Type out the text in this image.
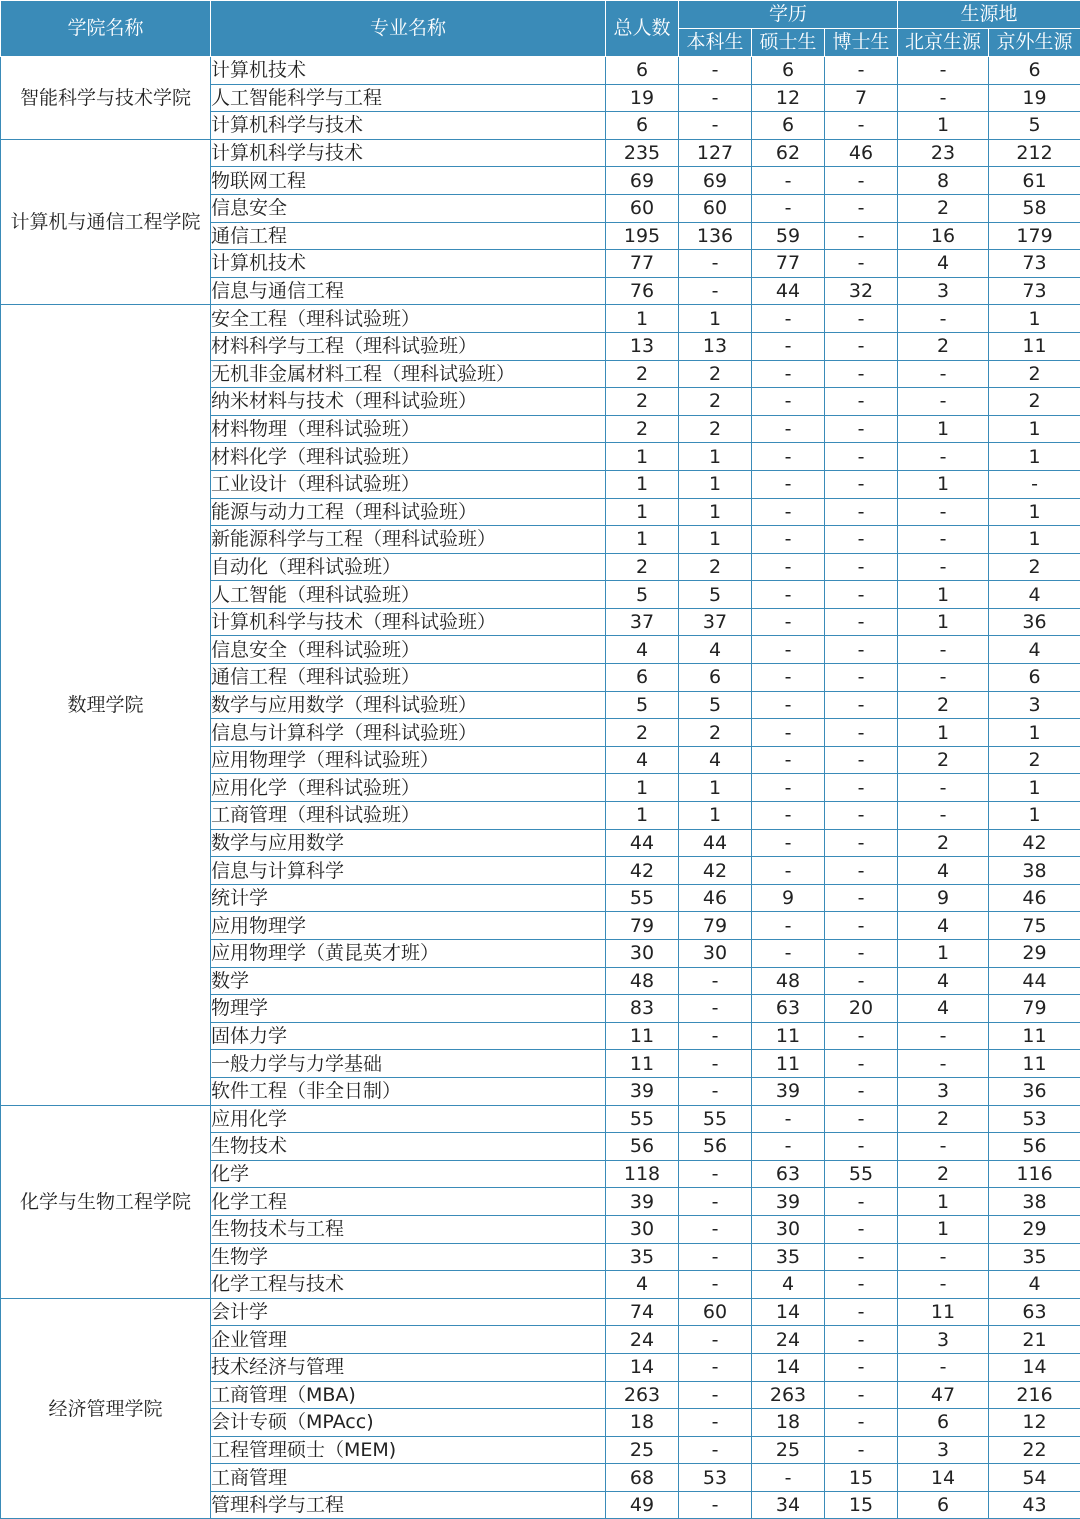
学院名称	专业名称	总人数	学历			生源地	
			本科生	硕士生	博士生	北京生源	京外生源
智能科学与技术学院	计算机技术	6	-	6	-	-	6
	人工智能科学与工程	19	-	12	7	-	19
	计算机科学与技术	6	-	6	-	1	5
计算机与通信工程学院	计算机科学与技术	235	127	62	46	23	212
	物联网工程	69	69	-	-	8	61
	信息安全	60	60	-	-	2	58
	通信工程	195	136	59	-	16	179
	计算机技术	77	-	77	-	4	73
	信息与通信工程	76	-	44	32	3	73
数理学院	安全工程（理科试验班）	1	1	-	-	-	1
	材料科学与工程（理科试验班）	13	13	-	-	2	11
	无机非金属材料工程（理科试验班）	2	2	-	-	-	2
	纳米材料与技术（理科试验班）	2	2	-	-	-	2
	材料物理（理科试验班）	2	2	-	-	1	1
	材料化学（理科试验班）	1	1	-	-	-	1
	工业设计（理科试验班）	1	1	-	-	1	-
	能源与动力工程（理科试验班）	1	1	-	-	-	1
	新能源科学与工程（理科试验班）	1	1	-	-	-	1
	自动化（理科试验班）	2	2	-	-	-	2
	人工智能（理科试验班）	5	5	-	-	1	4
	计算机科学与技术（理科试验班）	37	37	-	-	1	36
	信息安全（理科试验班）	4	4	-	-	-	4
	通信工程（理科试验班）	6	6	-	-	-	6
	数学与应用数学（理科试验班）	5	5	-	-	2	3
	信息与计算科学（理科试验班）	2	2	-	-	1	1
	应用物理学（理科试验班）	4	4	-	-	2	2
	应用化学（理科试验班）	1	1	-	-	-	1
	工商管理（理科试验班）	1	1	-	-	-	1
	数学与应用数学	44	44	-	-	2	42
	信息与计算科学	42	42	-	-	4	38
	统计学	55	46	9	-	9	46
	应用物理学	79	79	-	-	4	75
	应用物理学（黄昆英才班）	30	30	-	-	1	29
	数学	48	-	48	-	4	44
	物理学	83	-	63	20	4	79
	固体力学	11	-	11	-	-	11
	一般力学与力学基础	11	-	11	-	-	11
	软件工程（非全日制）	39	-	39	-	3	36
化学与生物工程学院	应用化学	55	55	-	-	2	53
	生物技术	56	56	-	-	-	56
	化学	118	-	63	55	2	116
	化学工程	39	-	39	-	1	38
	生物技术与工程	30	-	30	-	1	29
	生物学	35	-	35	-	-	35
	化学工程与技术	4	-	4	-	-	4
经济管理学院	会计学	74	60	14	-	11	63
	企业管理	24	-	24	-	3	21
	技术经济与管理	14	-	14	-	-	14
	工商管理（MBA)	263	-	263	-	47	216
	会计专硕（MPAcc)	18	-	18	-	6	12
	工程管理硕士（MEM)	25	-	25	-	3	22
	工商管理	68	53	-	15	14	54
	管理科学与工程	49	-	34	15	6	43
